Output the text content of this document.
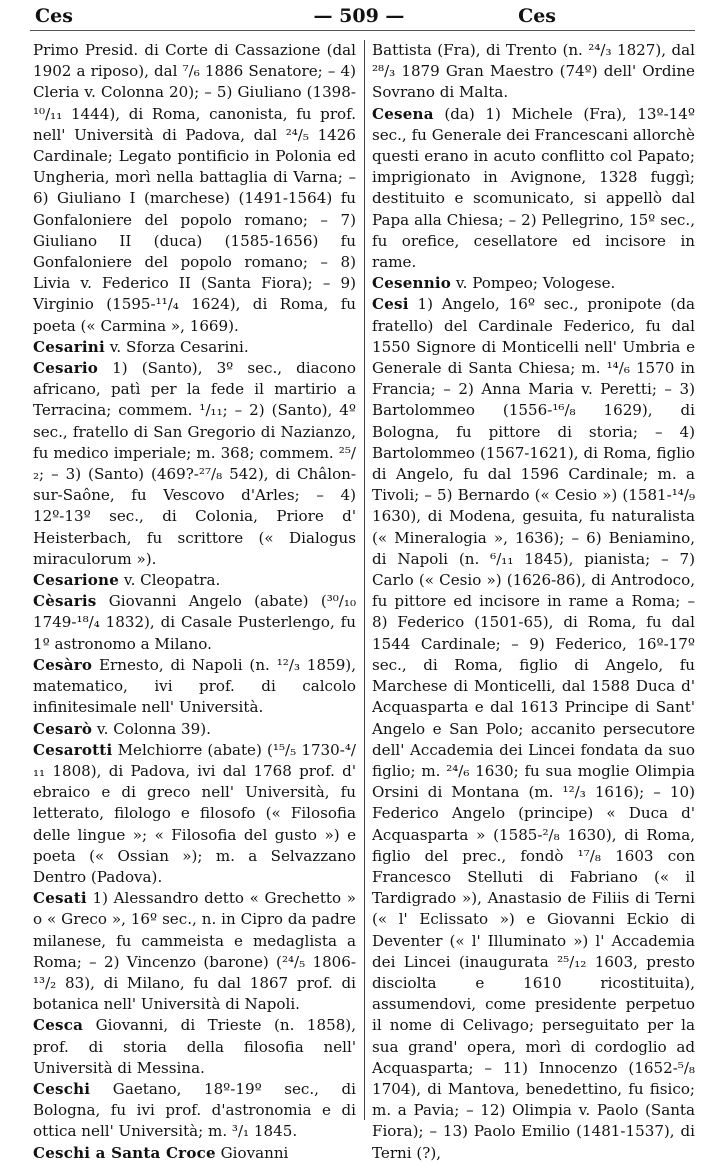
Ces	— 509 —	Ces

Primo Presid. di Corte di Cassazione (dal 1902 a riposo), dal ⁷/₆ 1886 Senatore; – 4) Cleria v. Colonna 20); – 5) Giuliano (1398-¹⁰/₁₁ 1444), di Roma, canonista, fu prof. nell' Università di Padova, dal ²⁴/₅ 1426 Cardinale; Legato pontificio in Polonia ed Ungheria, morì nella battaglia di Varna; – 6) Giuliano I (marchese) (1491-1564) fu Gonfaloniere del popolo romano; – 7) Giuliano II (duca) (1585-1656) fu Gonfaloniere del popolo romano; – 8) Livia v. Federico II (Santa Fiora); – 9) Virginio (1595-¹¹/₄ 1624), di Roma, fu poeta (« Carmina », 1669).

Cesarini v. Sforza Cesarini.

Cesario 1) (Santo), 3º sec., diacono africano, patì per la fede il martirio a Terracina; commem. ¹/₁₁; – 2) (Santo), 4º sec., fratello di San Gregorio di Nazianzo, fu medico imperiale; m. 368; commem. ²⁵/₂; – 3) (Santo) (469?-²⁷/₈ 542), di Châlon-sur-Saône, fu Vescovo d'Arles; – 4) 12º-13º sec., di Colonia, Priore d' Heisterbach, fu scrittore (« Dialogus miraculorum »).

Cesarione v. Cleopatra.

Cèsaris Giovanni Angelo (abate) (³⁰/₁₀ 1749-¹⁸/₄ 1832), di Casale Pusterlengo, fu 1º astronomo a Milano.

Cesàro Ernesto, di Napoli (n. ¹²/₃ 1859), matematico, ivi prof. di calcolo infinitesimale nell' Università.

Cesarò v. Colonna 39).

Cesarotti Melchiorre (abate) (¹⁵/₅ 1730-⁴/₁₁ 1808), di Padova, ivi dal 1768 prof. d' ebraico e di greco nell' Università, fu letterato, filologo e filosofo (« Filosofia delle lingue »; « Filosofia del gusto ») e poeta (« Ossian »); m. a Selvazzano Dentro (Padova).

Cesati 1) Alessandro detto « Grechetto » o « Greco », 16º sec., n. in Cipro da padre milanese, fu cammeista e medaglista a Roma; – 2) Vincenzo (barone) (²⁴/₅ 1806-¹³/₂ 83), di Milano, fu dal 1867 prof. di botanica nell' Università di Napoli.

Cesca Giovanni, di Trieste (n. 1858), prof. di storia della filosofia nell' Università di Messina.

Ceschi Gaetano, 18º-19º sec., di Bologna, fu ivi prof. d'astronomia e di ottica nell' Università; m. ³/₁ 1845.

Ceschi a Santa Croce Giovanni

Battista (Fra), di Trento (n. ²⁴/₃ 1827), dal ²⁸/₃ 1879 Gran Maestro (74º) dell' Ordine Sovrano di Malta.

Cesena (da) 1) Michele (Fra), 13º-14º sec., fu Generale dei Francescani allorchè questi erano in acuto conflitto col Papato; imprigionato in Avignone, 1328 fuggì; destituito e scomunicato, si appellò dal Papa alla Chiesa; – 2) Pellegrino, 15º sec., fu orefice, cesellatore ed incisore in rame.

Cesennio v. Pompeo; Vologese.

Cesi 1) Angelo, 16º sec., pronipote (da fratello) del Cardinale Federico, fu dal 1550 Signore di Monticelli nell' Umbria e Generale di Santa Chiesa; m. ¹⁴/₆ 1570 in Francia; – 2) Anna Maria v. Peretti; – 3) Bartolommeo (1556-¹⁶/₈ 1629), di Bologna, fu pittore di storia; – 4) Bartolommeo (1567-1621), di Roma, figlio di Angelo, fu dal 1596 Cardinale; m. a Tivoli; – 5) Bernardo (« Cesio ») (1581-¹⁴/₉ 1630), di Modena, gesuita, fu naturalista (« Mineralogia », 1636); – 6) Beniamino, di Napoli (n. ⁶/₁₁ 1845), pianista; – 7) Carlo (« Cesio ») (1626-86), di Antrodoco, fu pittore ed incisore in rame a Roma; – 8) Federico (1501-65), di Roma, fu dal 1544 Cardinale; – 9) Federico, 16º-17º sec., di Roma, figlio di Angelo, fu Marchese di Monticelli, dal 1588 Duca d' Acquasparta e dal 1613 Principe di Sant' Angelo e San Polo; accanito persecutore dell' Accademia dei Lincei fondata da suo figlio; m. ²⁴/₆ 1630; fu sua moglie Olimpia Orsini di Montana (m. ¹²/₃ 1616); – 10) Federico Angelo (principe) « Duca d' Acquasparta » (1585-²/₈ 1630), di Roma, figlio del prec., fondò ¹⁷/₈ 1603 con Francesco Stelluti di Fabriano (« il Tardigrado »), Anastasio de Filiis di Terni (« l' Eclissato ») e Giovanni Eckio di Deventer (« l' Illuminato ») l' Accademia dei Lincei (inaugurata ²⁵/₁₂ 1603, presto disciolta e 1610 ricostituita), assumendovi, come presidente perpetuo il nome di Celivago; perseguitato per la sua grand' opera, morì di cordoglio ad Acquasparta; – 11) Innocenzo (1652-⁵/₈ 1704), di Mantova, benedettino, fu fisico; m. a Pavia; – 12) Olimpia v. Paolo (Santa Fiora); – 13) Paolo Emilio (1481-1537), di Terni (?),
